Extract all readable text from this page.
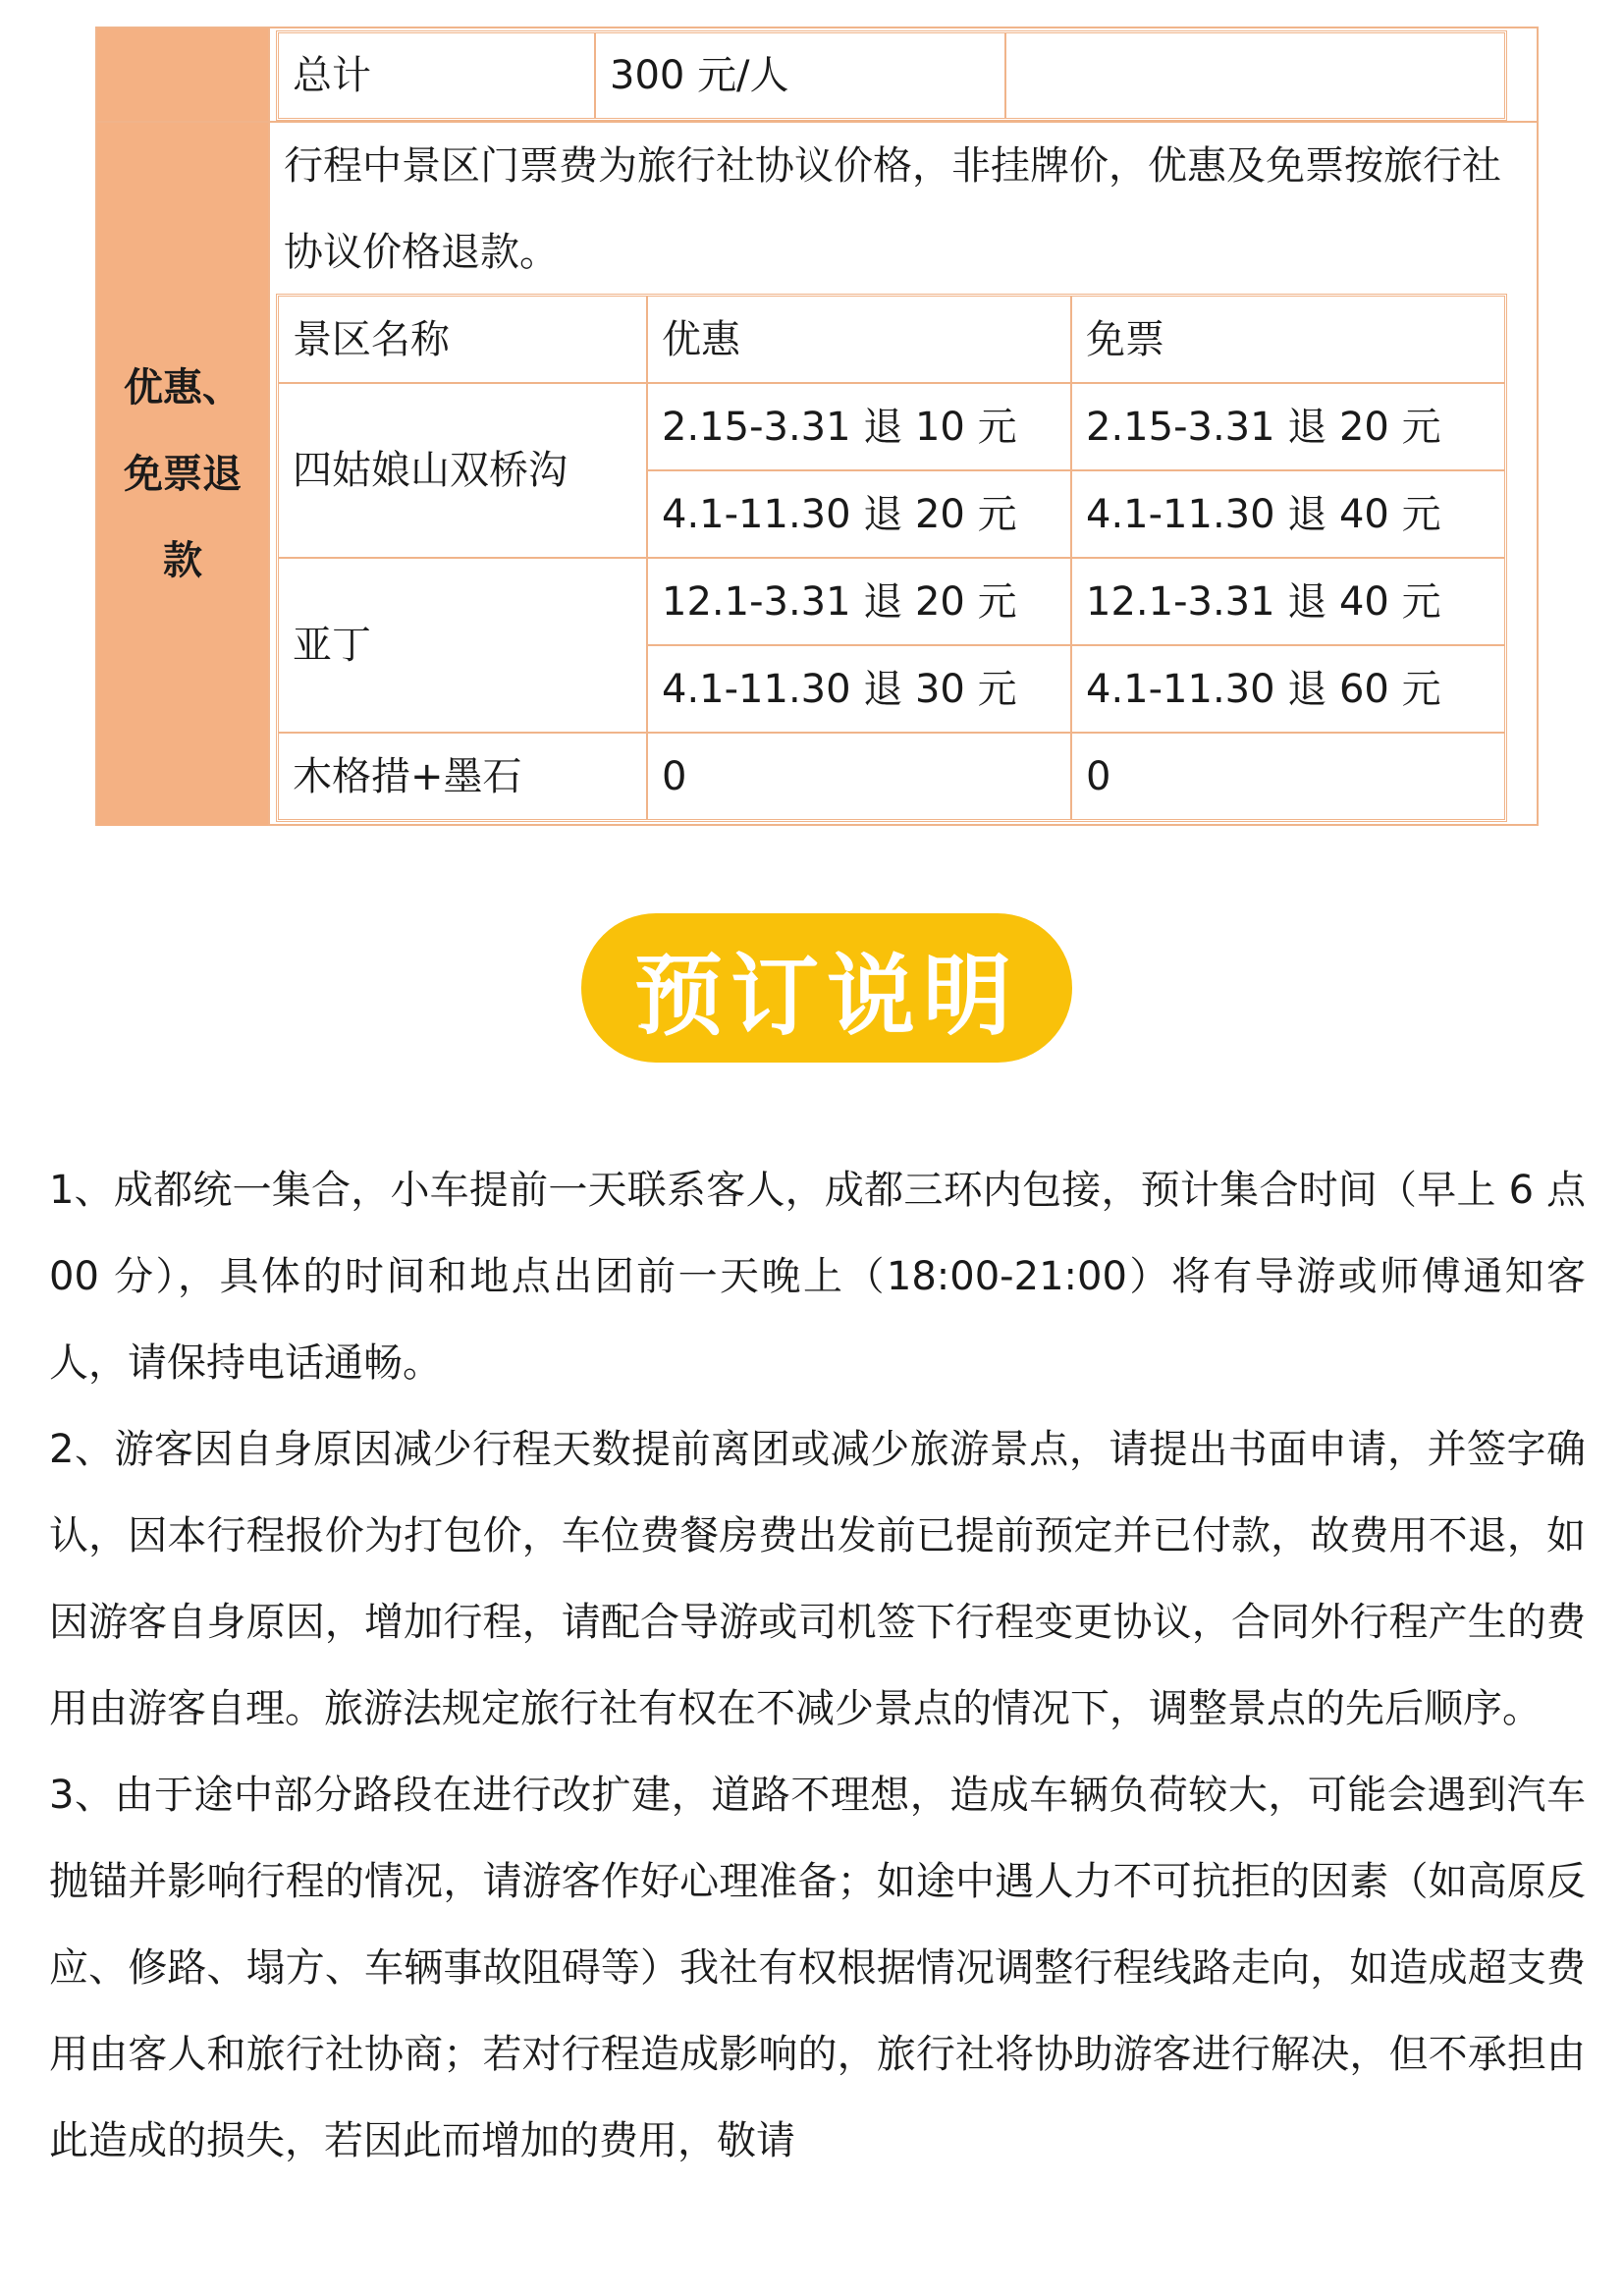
总计	300 元/人
优惠、
免票退
款
行程中景区门票费为旅行社协议价格，非挂牌价，优惠及免票按旅行社协议价格退款。
景区名称	优惠	免票
四姑娘山双桥沟
2.15-3.31 退 10 元	2.15-3.31 退 20 元
4.1-11.30 退 20 元	4.1-11.30 退 40 元
亚丁
12.1-3.31 退 20 元	12.1-3.31 退 40 元
4.1-11.30 退 30 元	4.1-11.30 退 60 元
木格措+墨石	0	0
预订说明

1、成都统一集合，小车提前一天联系客人，成都三环内包接，预计集合时间（早上 6 点 00 分），具体的时间和地点出团前一天晚上（18:00-21:00）将有导游或师傅通知客人，请保持电话通畅。

2、游客因自身原因减少行程天数提前离团或减少旅游景点，请提出书面申请，并签字确认，因本行程报价为打包价，车位费餐房费出发前已提前预定并已付款，故费用不退，如因游客自身原因，增加行程，请配合导游或司机签下行程变更协议，合同外行程产生的费用由游客自理。旅游法规定旅行社有权在不减少景点的情况下，调整景点的先后顺序。

3、由于途中部分路段在进行改扩建，道路不理想，造成车辆负荷较大，可能会遇到汽车抛锚并影响行程的情况，请游客作好心理准备；如途中遇人力不可抗拒的因素（如高原反应、修路、塌方、车辆事故阻碍等）我社有权根据情况调整行程线路走向，如造成超支费用由客人和旅行社协商；若对行程造成影响的，旅行社将协助游客进行解决，但不承担由此造成的损失，若因此而增加的费用，敬请
